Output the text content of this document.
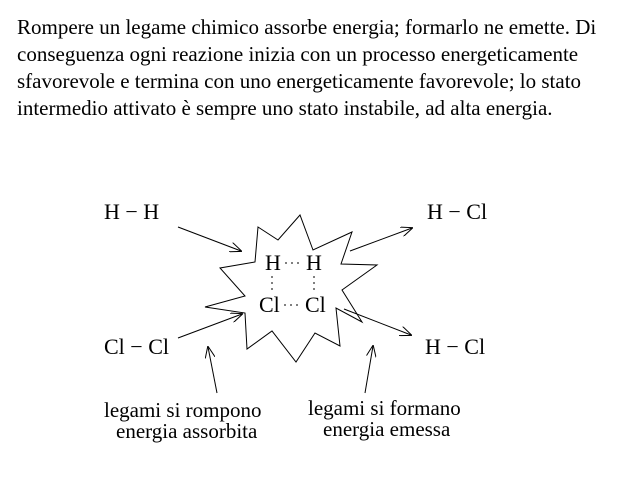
Rompere un legame chimico assorbe energia; formarlo ne emette. Di conseguenza ogni reazione inizia con un processo energeticamente sfavorevole e termina con uno energeticamente favorevole; lo stato intermedio attivato è sempre uno stato instabile, ad alta energia.

H H
Cl Cl
H − H
Cl − Cl
H − Cl
H − Cl
legami si rompono
energia assorbita
legami si formano
energia emessa
